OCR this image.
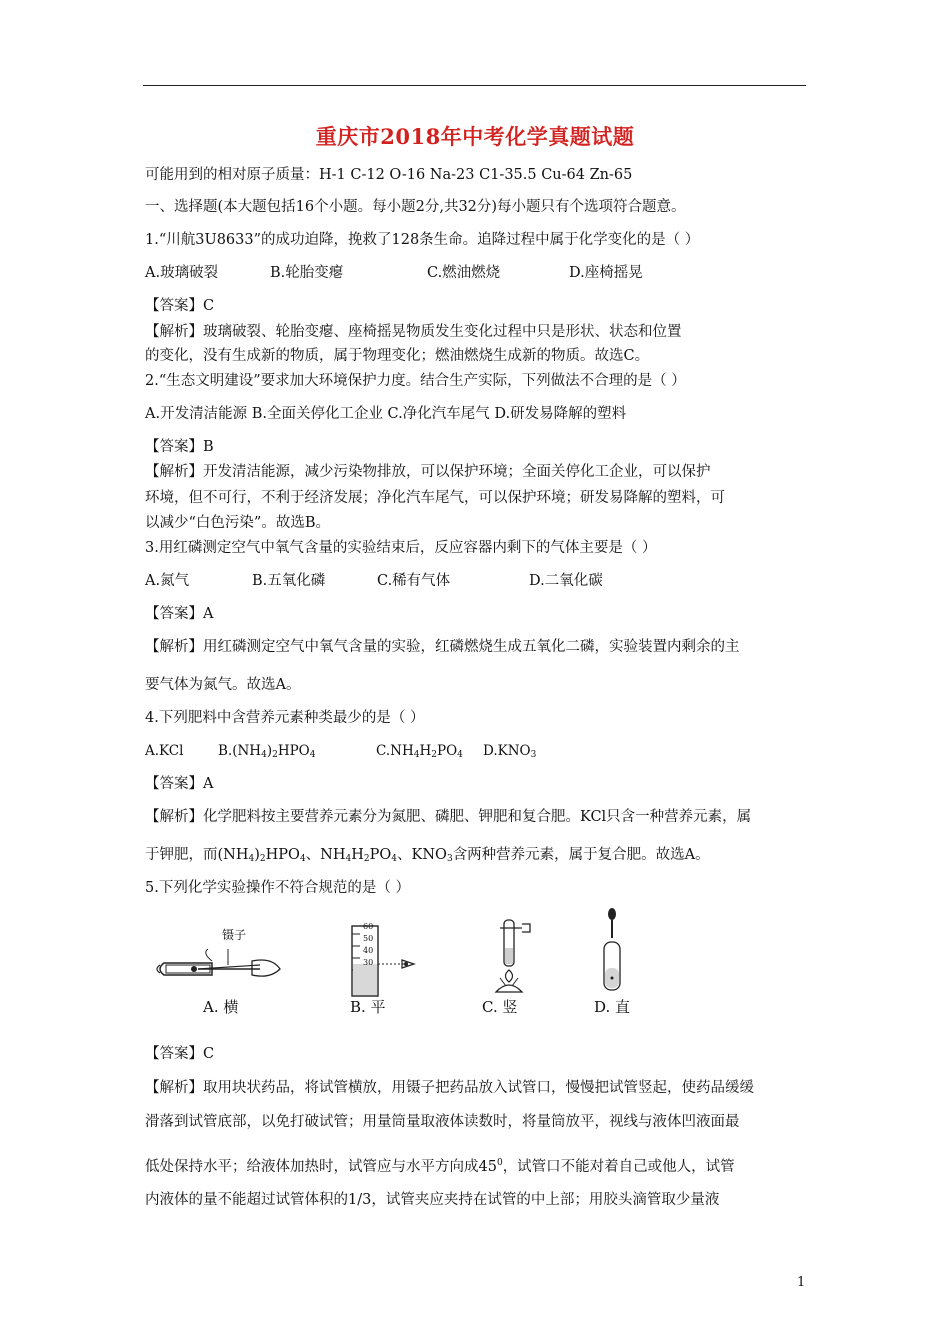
重庆市2018年中考化学真题试题
可能用到的相对原子质量：H-1 C-12 O-16 Na-23 C1-35.5 Cu-64 Zn-65
一、选择题(本大题包括16个小题。每小题2分,共32分)每小题只有个选项符合题意。
1.“川航3U8633”的成功迫降，挽救了128条生命。追降过程中属于化学变化的是（ ）
A.玻璃破裂	B.轮胎变瘪	C.燃油燃烧	D.座椅摇晃
【答案】C
【解析】玻璃破裂、轮胎变瘪、座椅摇晃物质发生变化过程中只是形状、状态和位置
的变化，没有生成新的物质，属于物理变化；燃油燃烧生成新的物质。故选C。
2.“生态文明建设”要求加大环境保护力度。结合生产实际，下列做法不合理的是（ ）
A.开发清洁能源 B.全面关停化工企业 C.净化汽车尾气 D.研发易降解的塑料
【答案】B
【解析】开发清洁能源，减少污染物排放，可以保护环境；全面关停化工企业，可以保护
环境，但不可行，不利于经济发展；净化汽车尾气，可以保护环境；研发易降解的塑料，可
以减少“白色污染”。故选B。
3.用红磷测定空气中氧气含量的实验结束后，反应容器内剩下的气体主要是（ ）
A.氮气	B.五氧化磷	C.稀有气体	D.二氧化碳
【答案】A
【解析】用红磷测定空气中氧气含量的实验，红磷燃烧生成五氧化二磷，实验装置内剩余的主
要气体为氮气。故选A。
4.下列肥料中含营养元素种类最少的是（ ）
A.KCl	$B.(NH_4)_2HPO_4$	$C.NH_4H_2PO_4$ $D.KNO_3$
【答案】A
【解析】化学肥料按主要营养元素分为氮肥、磷肥、钾肥和复合肥。KCl只含一种营养元素，属
于钾肥，而$(NH_4)_2HPO_4$、$NH_4H_2PO_4$、$KNO_3$含两种营养元素，属于复合肥。故选A。
5.下列化学实验操作不符合规范的是（ ）
镊子
A. 横
60
50
40
30
B. 平	C. 竖	D. 直
【答案】C
【解析】取用块状药品，将试管横放，用镊子把药品放入试管口，慢慢把试管竖起，使药品缓缓
滑落到试管底部，以免打破试管；用量筒量取液体读数时，将量筒放平，视线与液体凹液面最
低处保持水平；给液体加热时，试管应与水平方向成$45^0$，试管口不能对着自己或他人，试管
内液体的量不能超过试管体积的1/3，试管夹应夹持在试管的中上部；用胶头滴管取少量液
1
